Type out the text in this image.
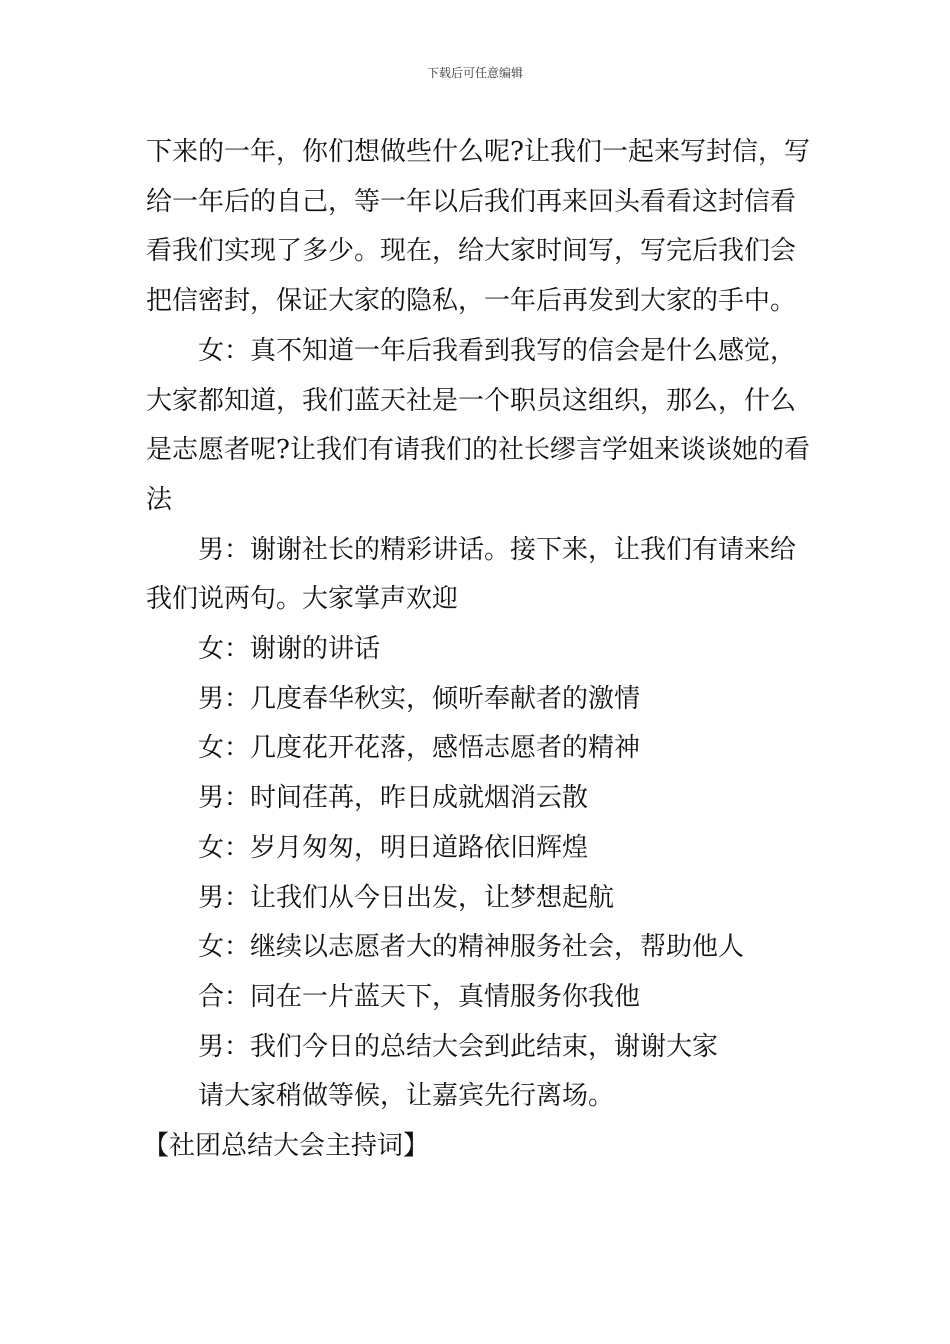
下载后可任意编辑

下来的一年，你们想做些什么呢?让我们一起来写封信，写给一年后的自己，等一年以后我们再来回头看看这封信看看我们实现了多少。现在，给大家时间写，写完后我们会把信密封，保证大家的隐私，一年后再发到大家的手中。

女：真不知道一年后我看到我写的信会是什么感觉，大家都知道，我们蓝天社是一个职员这组织，那么，什么是志愿者呢?让我们有请我们的社长缪言学姐来谈谈她的看法

男：谢谢社长的精彩讲话。接下来，让我们有请来给我们说两句。大家掌声欢迎

女：谢谢的讲话

男：几度春华秋实，倾听奉献者的激情

女：几度花开花落，感悟志愿者的精神

男：时间荏苒，昨日成就烟消云散

女：岁月匆匆，明日道路依旧辉煌

男：让我们从今日出发，让梦想起航

女：继续以志愿者大的精神服务社会，帮助他人

合：同在一片蓝天下，真情服务你我他

男：我们今日的总结大会到此结束，谢谢大家

请大家稍做等候，让嘉宾先行离场。

【社团总结大会主持词】
